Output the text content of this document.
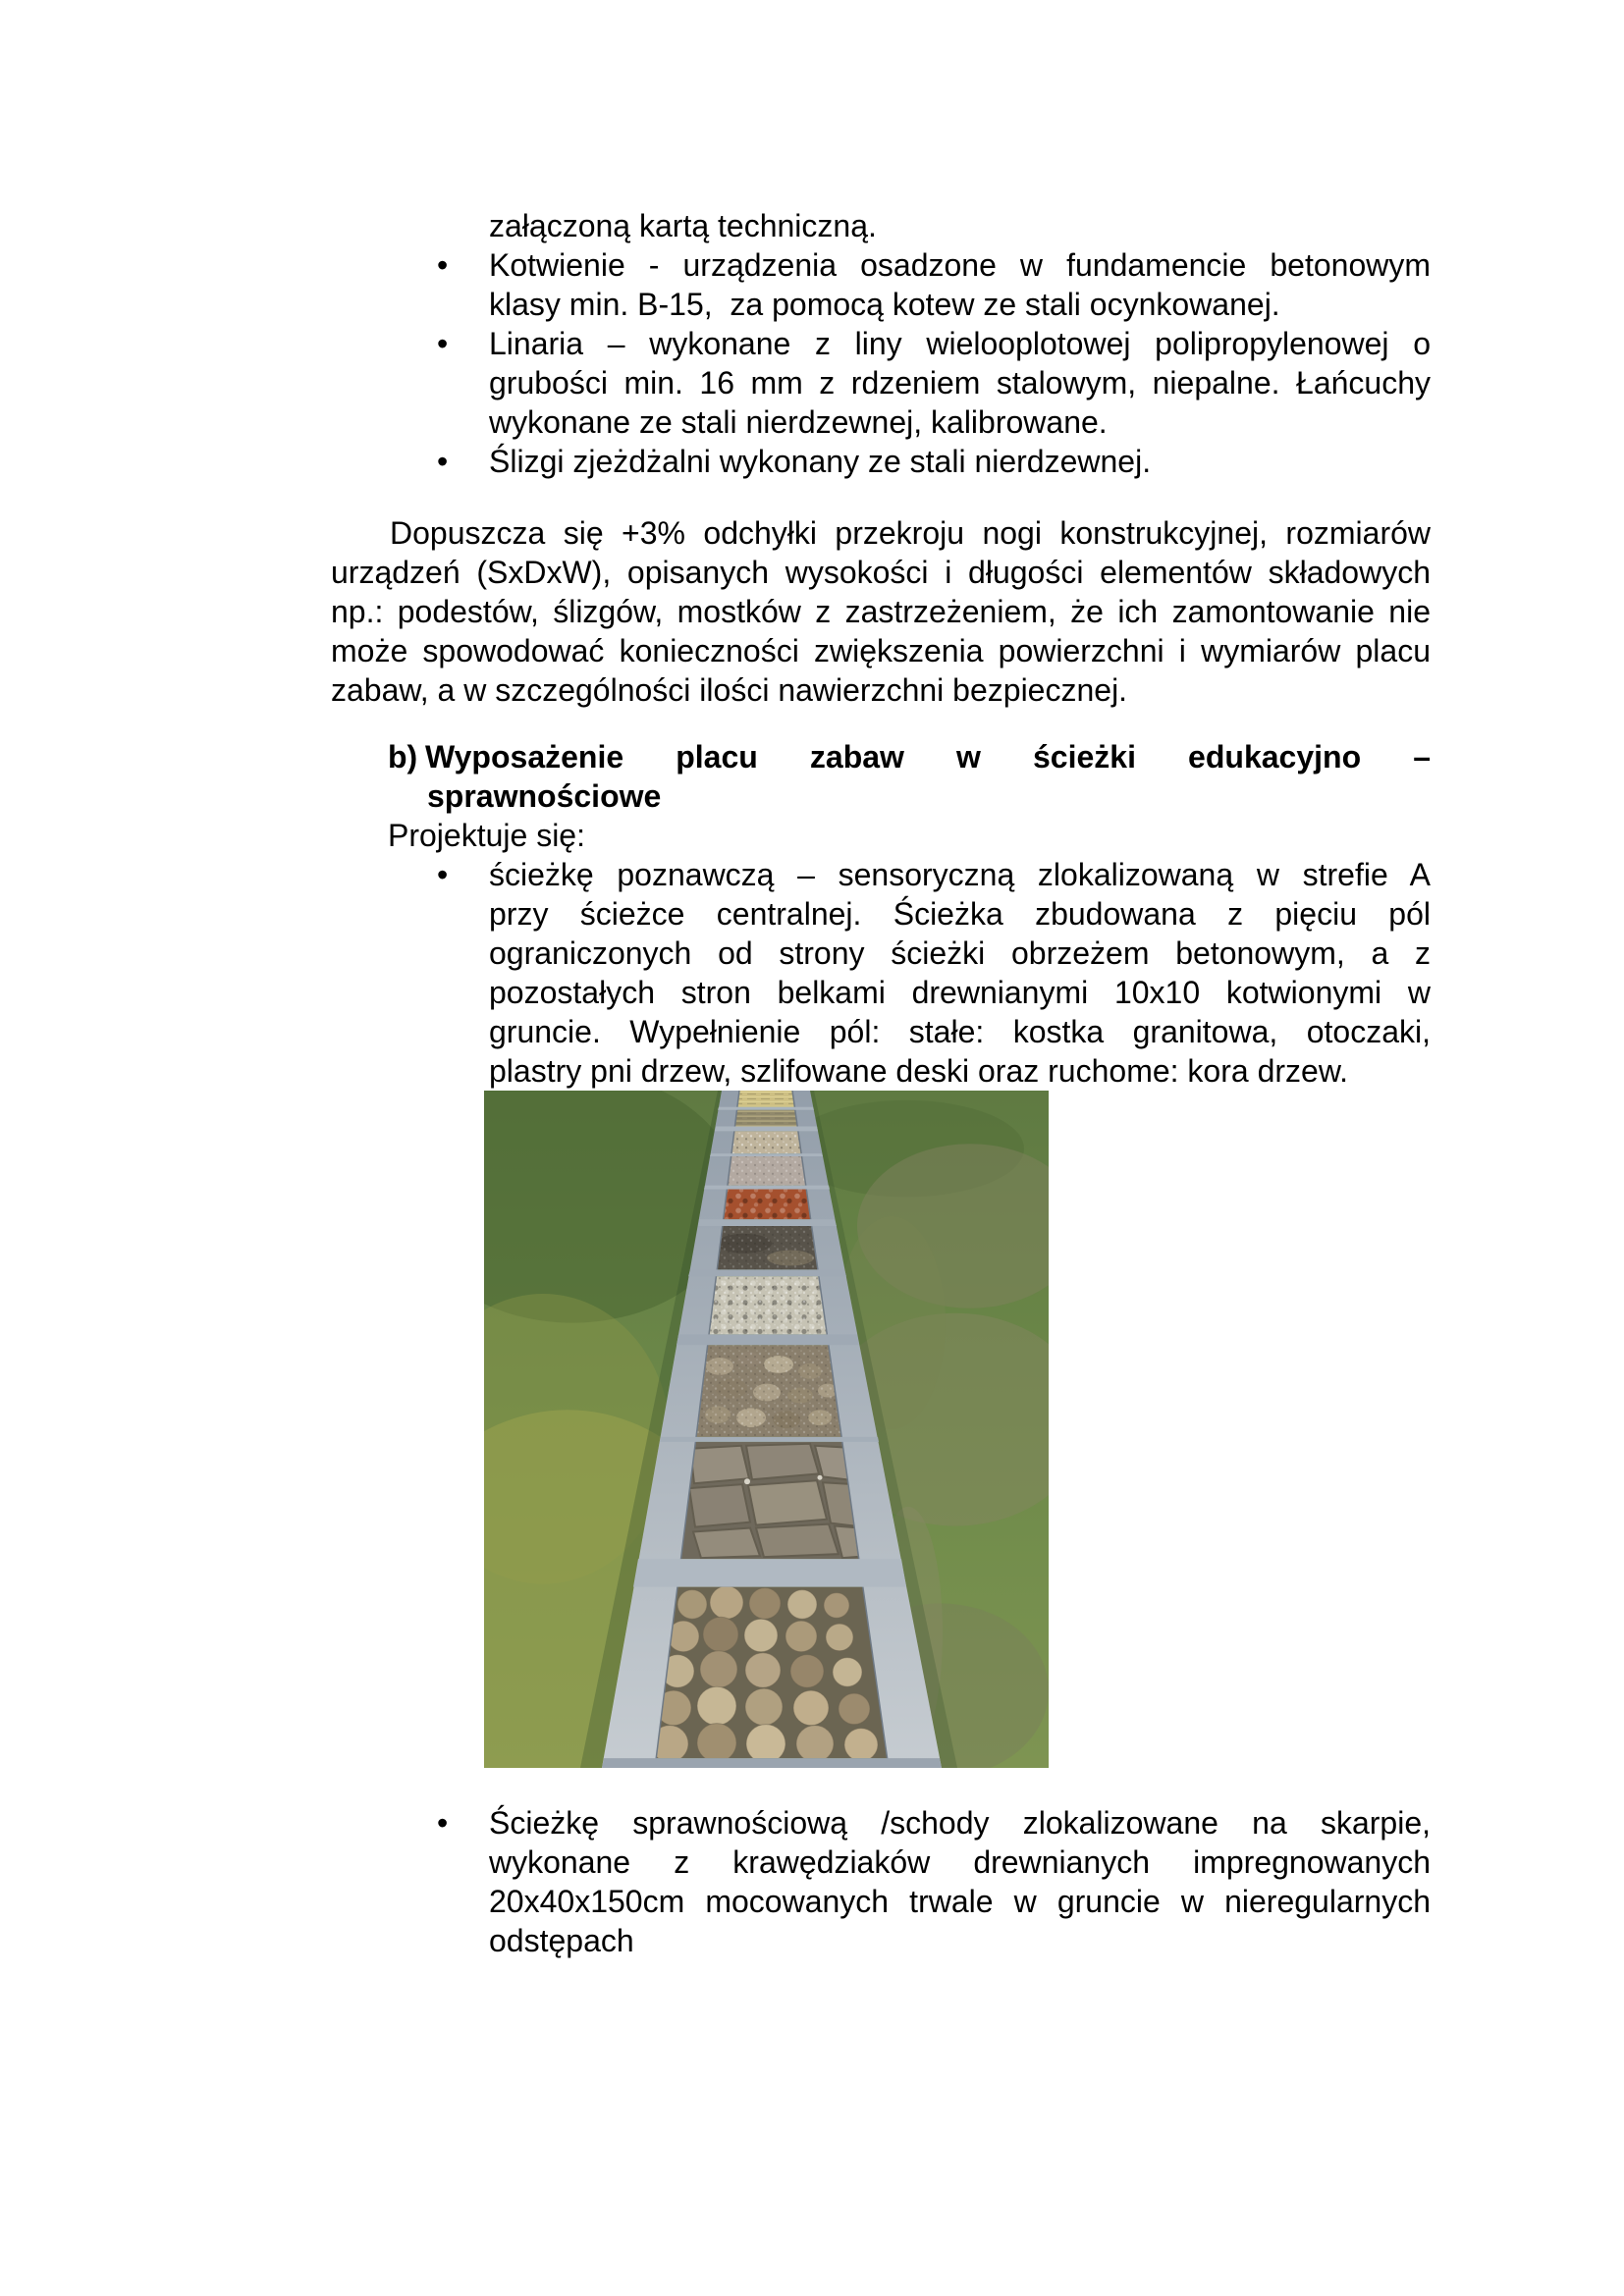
załączoną kartą techniczną.
•	Kotwienie - urządzenia osadzone w fundamencie betonowym
klasy min. B-15,  za pomocą kotew ze stali ocynkowanej.
•	Linaria – wykonane z liny wielooplotowej polipropylenowej o
grubości min. 16 mm z rdzeniem stalowym, niepalne. Łańcuchy
wykonane ze stali nierdzewnej, kalibrowane.
•	Ślizgi zjeżdżalni wykonany ze stali nierdzewnej.
Dopuszcza się +3% odchyłki przekroju nogi konstrukcyjnej, rozmiarów
urządzeń (SxDxW), opisanych wysokości i długości elementów składowych
np.: podestów, ślizgów, mostków z zastrzeżeniem, że ich zamontowanie nie
może spowodować konieczności zwiększenia powierzchni i wymiarów placu
zabaw, a w szczególności ilości nawierzchni bezpiecznej.
b) Wyposażenie placu zabaw w ścieżki edukacyjno –
sprawnościowe
Projektuje się:
•	ścieżkę poznawczą – sensoryczną zlokalizowaną w strefie A
przy ścieżce centralnej. Ścieżka zbudowana z pięciu pól
ograniczonych od strony ścieżki obrzeżem betonowym, a z
pozostałych stron belkami drewnianymi 10x10 kotwionymi w
gruncie. Wypełnienie pól: stałe: kostka granitowa, otoczaki,
plastry pni drzew, szlifowane deski oraz ruchome: kora drzew.
•	Ścieżkę sprawnościową /schody zlokalizowane na skarpie,
wykonane z krawędziaków drewnianych impregnowanych
20x40x150cm mocowanych trwale w gruncie w nieregularnych
odstępach
